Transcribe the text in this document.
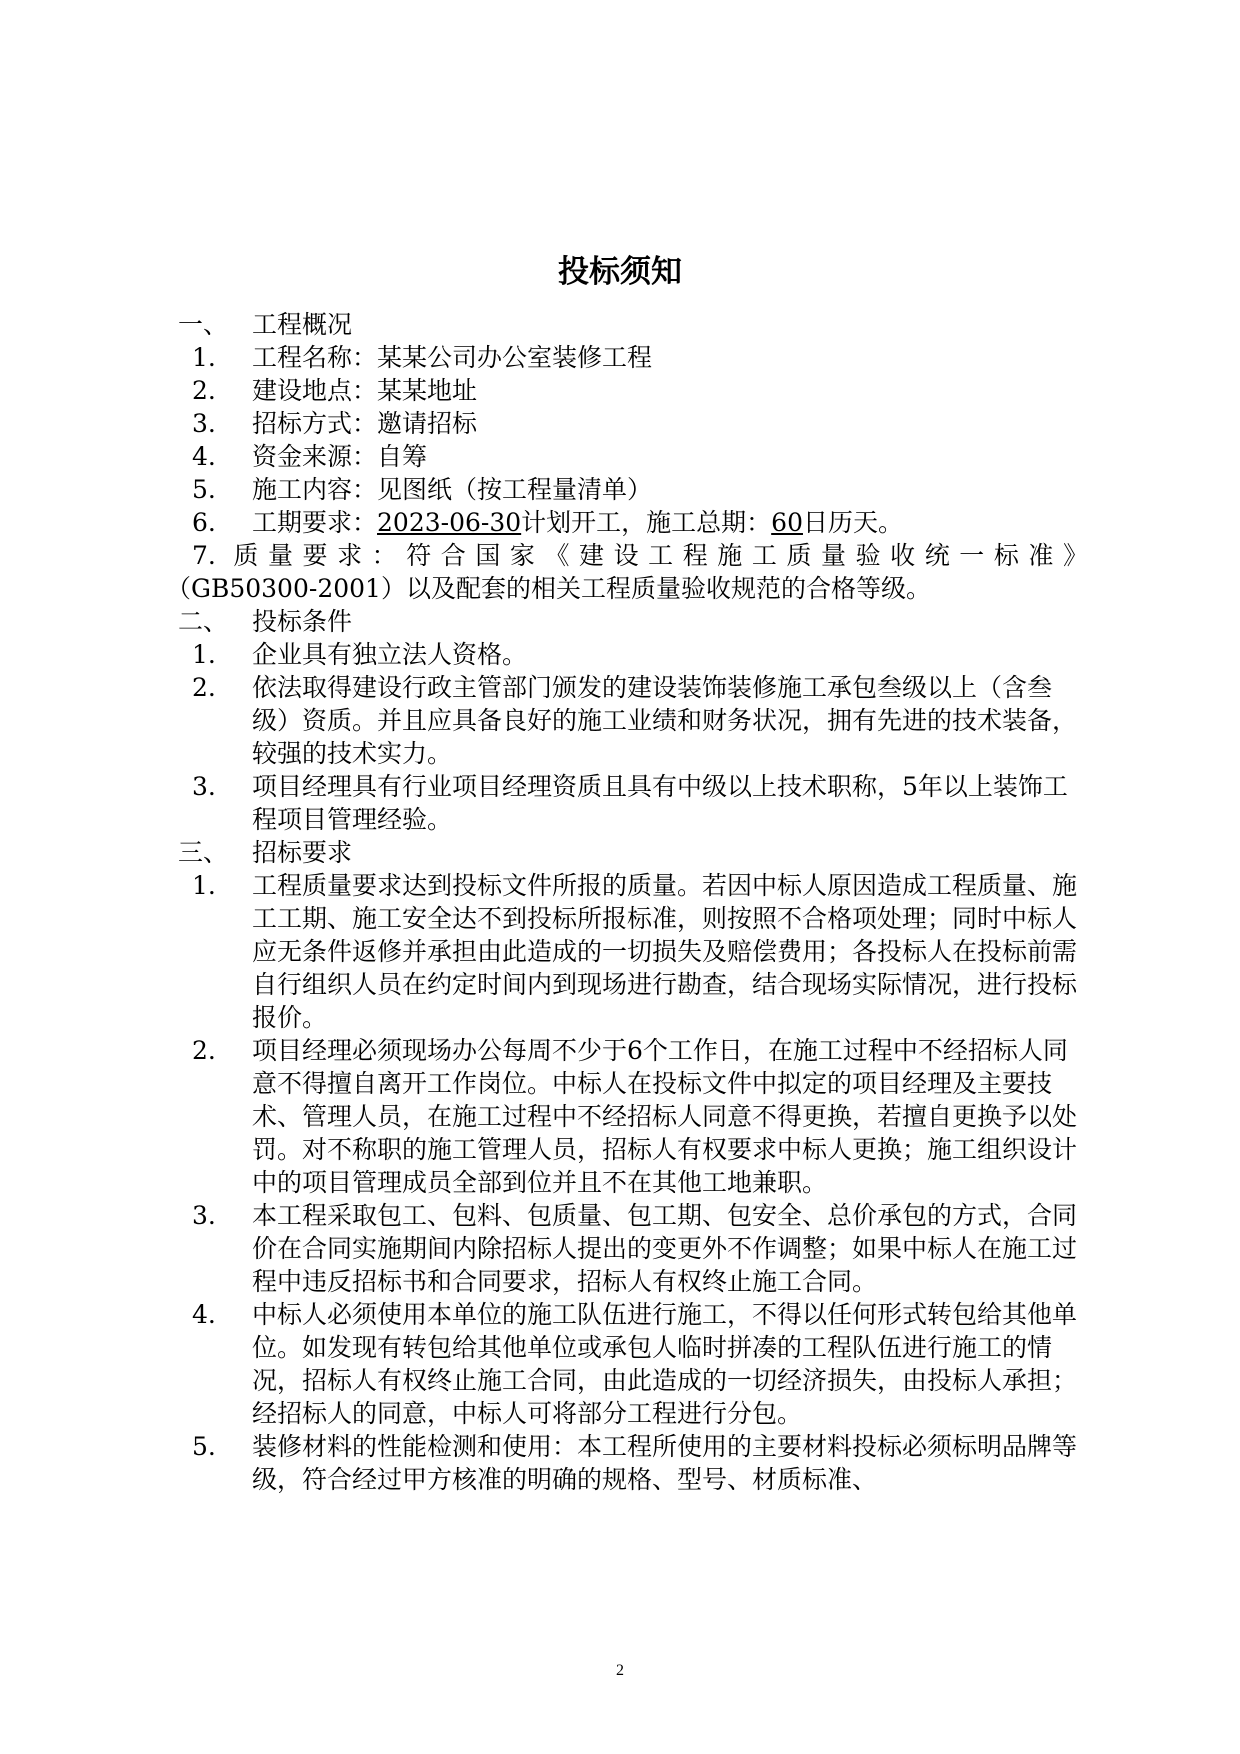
投标须知
一、 工程概况
1. 工程名称：某某公司办公室装修工程
2. 建设地点：某某地址
3. 招标方式：邀请招标
4. 资金来源：自筹
5. 施工内容：见图纸（按工程量清单）
6. 工期要求：2023-06-30计划开工，施工总期：60日历天。
7. 质量要求：符合国家《建设工程施工质量验收统一标准》
（GB50300-2001）以及配套的相关工程质量验收规范的合格等级。
二、 投标条件
1. 企业具有独立法人资格。
2. 依法取得建设行政主管部门颁发的建设装饰装修施工承包叁级以上（含叁级）资质。并且应具备良好的施工业绩和财务状况，拥有先进的技术装备，较强的技术实力。
3. 项目经理具有行业项目经理资质且具有中级以上技术职称，5年以上装饰工程项目管理经验。
三、 招标要求
1. 工程质量要求达到投标文件所报的质量。若因中标人原因造成工程质量、施工工期、施工安全达不到投标所报标准，则按照不合格项处理；同时中标人应无条件返修并承担由此造成的一切损失及赔偿费用；各投标人在投标前需自行组织人员在约定时间内到现场进行勘查，结合现场实际情况，进行投标报价。
2. 项目经理必须现场办公每周不少于6个工作日，在施工过程中不经招标人同意不得擅自离开工作岗位。中标人在投标文件中拟定的项目经理及主要技术、管理人员，在施工过程中不经招标人同意不得更换，若擅自更换予以处罚。对不称职的施工管理人员，招标人有权要求中标人更换；施工组织设计中的项目管理成员全部到位并且不在其他工地兼职。
3. 本工程采取包工、包料、包质量、包工期、包安全、总价承包的方式，合同价在合同实施期间内除招标人提出的变更外不作调整；如果中标人在施工过程中违反招标书和合同要求，招标人有权终止施工合同。
4. 中标人必须使用本单位的施工队伍进行施工，不得以任何形式转包给其他单位。如发现有转包给其他单位或承包人临时拼凑的工程队伍进行施工的情况，招标人有权终止施工合同，由此造成的一切经济损失，由投标人承担；经招标人的同意，中标人可将部分工程进行分包。
5. 装修材料的性能检测和使用：本工程所使用的主要材料投标必须标明品牌等级，符合经过甲方核准的明确的规格、型号、材质标准、
2
